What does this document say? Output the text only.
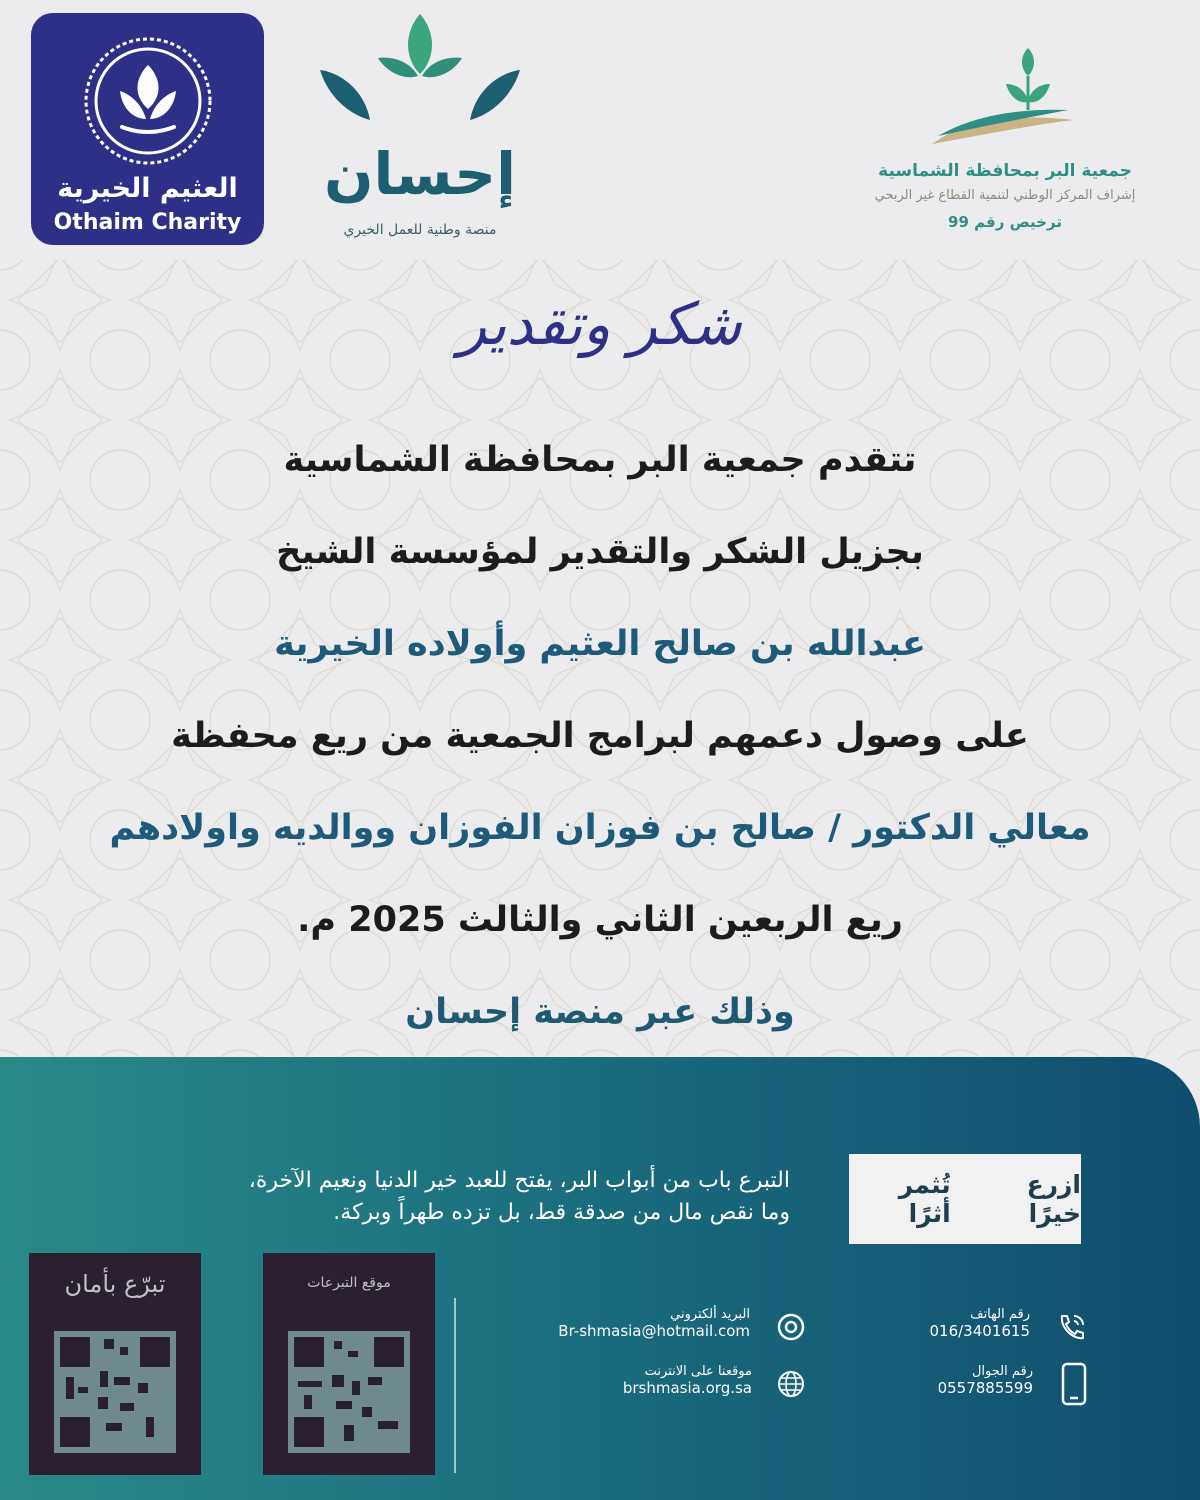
العثيم الخيرية
Othaim Charity
إحسان
منصة وطنية للعمل الخيري
جمعية البر بمحافظة الشماسية
إشراف المركز الوطني لتنمية القطاع غير الربحي
ترخيص رقم 99
شكر وتقدير
تتقدم جمعية البر بمحافظة الشماسية
بجزيل الشكر والتقدير لمؤسسة الشيخ
عبدالله بن صالح العثيم وأولاده الخيرية
على وصول دعمهم لبرامج الجمعية من ريع محفظة
معالي الدكتور / صالح بن فوزان الفوزان ووالديه واولادهم
ريع الربعين الثاني والثالث 2025 م.
وذلك عبر منصة إحسان
ازرع خيرًا
تُثمر أثرًا
التبرع باب من أبواب البر، يفتح للعبد خير الدنيا ونعيم الآخرة،
وما نقص مال من صدقة قط، بل تزده طهراً وبركة.
موقع التبرعات
تبرّع بأمان
البريد ألكتروني
Br-shmasia@hotmail.com
موقعنا على الانترنت
brshmasia.org.sa
رقم الهاتف
016/3401615
رقم الجوال
0557885599
